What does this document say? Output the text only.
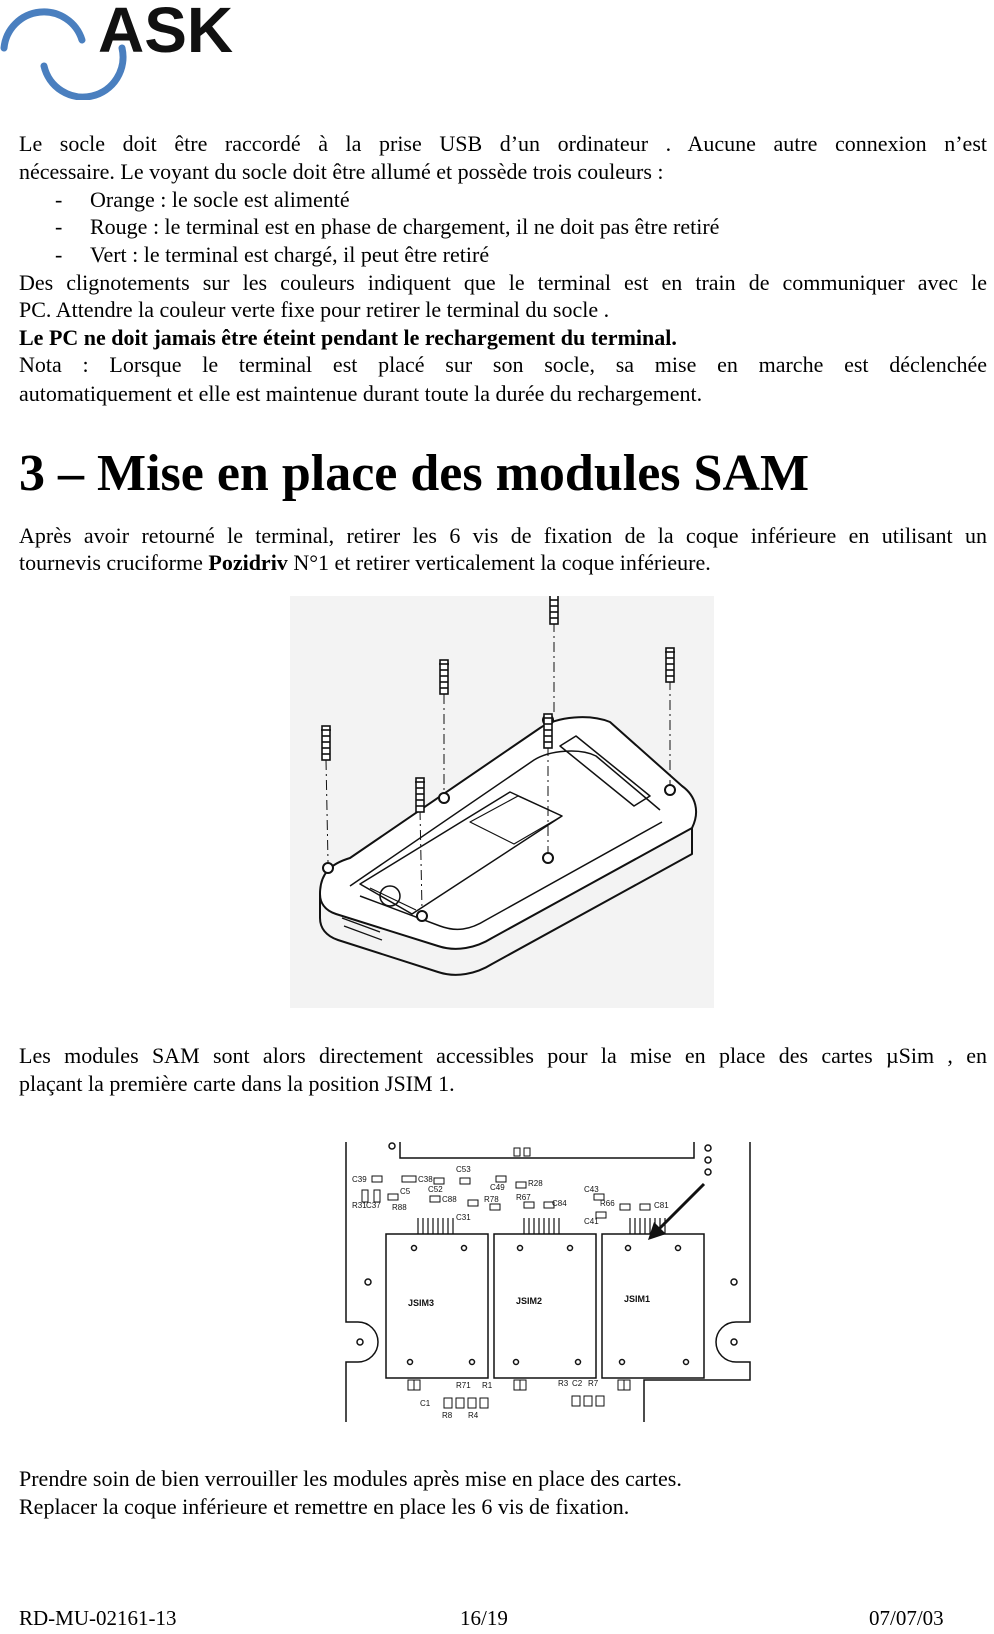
ASK

Le socle doit être raccordé à la prise USB d’un ordinateur . Aucune autre connexion n’est

nécessaire. Le voyant du socle doit être allumé et possède trois couleurs :

- Orange : le socle est alimenté
- Rouge : le terminal est en phase de chargement, il ne doit pas être retiré
- Vert : le terminal est chargé, il peut être retiré

Des clignotements sur les couleurs indiquent que le terminal est en train de communiquer avec le

PC. Attendre la couleur verte fixe pour retirer le terminal du socle .

Le PC ne doit jamais être éteint pendant le rechargement du terminal.

Nota : Lorsque le terminal est placé sur son socle, sa mise en marche est déclenchée

automatiquement et elle est maintenue durant toute la durée du rechargement.

3 – Mise en place des modules SAM

Après avoir retourné le terminal, retirer les 6 vis de fixation de la coque inférieure en utilisant un

tournevis cruciforme Pozidriv N°1 et retirer verticalement la coque inférieure.

Les modules SAM sont alors directement accessibles pour la mise en place des cartes µSim , en

plaçant la première carte dans la position JSIM 1.

C39	C38
C53
C49	R28
C5 C52
R67
C43
R31 C37 R88
C88	R78	C84	R66	C81
C31	C41
R71 R1	R3 C2 R7
C1
R8 R4
JSIM3	JSIM2	JSIM1

Prendre soin de bien verrouiller les modules après mise en place des cartes.

Replacer la coque inférieure et remettre en place les 6 vis de fixation.

RD-MU-02161-13	16/19	07/07/03
